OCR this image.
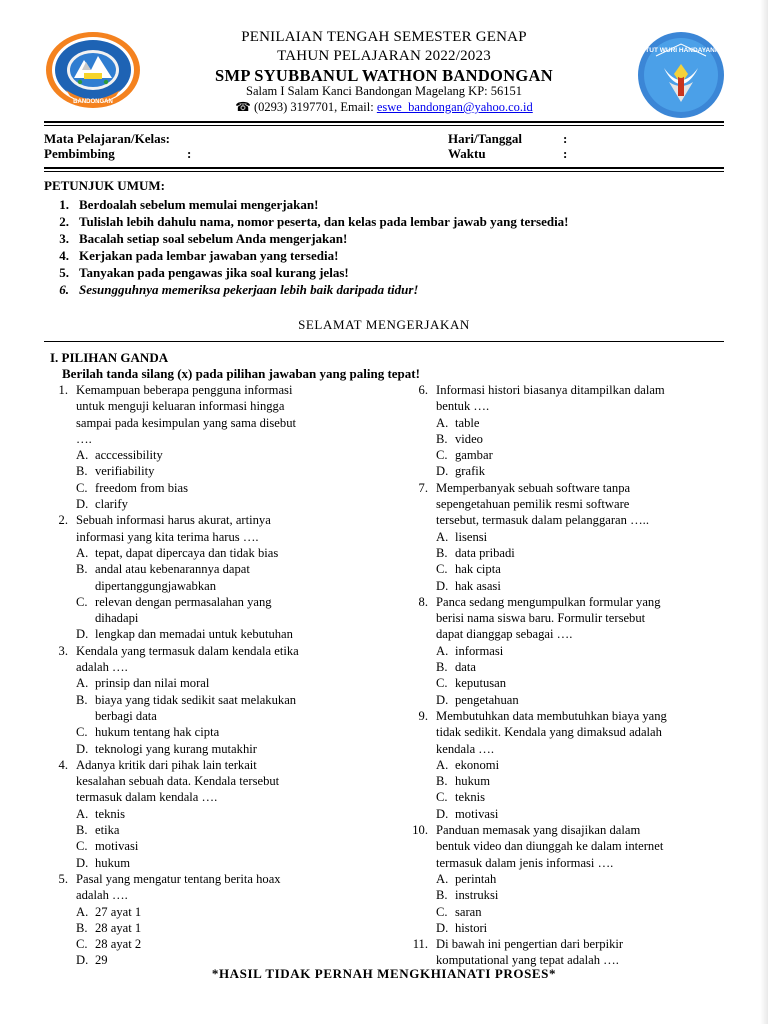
BANDONGAN
TUT WURI HANDAYANI
PENILAIAN TENGAH SEMESTER GENAP
TAHUN PELAJARAN 2022/2023
SMP SYUBBANUL WATHON BANDONGAN
Salam I Salam Kanci Bandongan Magelang KP: 56151
☎ (0293) 3197701, Email: eswe_bandongan@yahoo.co.id
Mata Pelajaran/Kelas:
Pembimbing	:
Hari/Tanggal	:
Waktu	:
PETUNJUK UMUM:
1. Berdoalah sebelum memulai mengerjakan!
2. Tulislah lebih dahulu nama, nomor peserta, dan kelas pada lembar jawab yang tersedia!
3. Bacalah setiap soal sebelum Anda mengerjakan!
4. Kerjakan pada lembar jawaban yang tersedia!
5. Tanyakan pada pengawas jika soal kurang jelas!
6. Sesungguhnya memeriksa pekerjaan lebih baik daripada tidur!
SELAMAT MENGERJAKAN
I. PILIHAN GANDA
Berilah tanda silang (x) pada pilihan jawaban yang paling tepat!
1. Kemampuan beberapa pengguna informasi
untuk menguji keluaran informasi hingga
sampai pada kesimpulan yang sama disebut
….
A. acccessibility
B. verifiability
C. freedom from bias
D. clarify
2. Sebuah informasi harus akurat, artinya
informasi yang kita terima harus ….
A. tepat, dapat dipercaya dan tidak bias
B. andal atau kebenarannya dapat
dipertanggungjawabkan
C. relevan dengan permasalahan yang
dihadapi
D. lengkap dan memadai untuk kebutuhan
3. Kendala yang termasuk dalam kendala etika
adalah ….
A. prinsip dan nilai moral
B. biaya yang tidak sedikit saat melakukan
berbagi data
C. hukum tentang hak cipta
D. teknologi yang kurang mutakhir
4. Adanya kritik dari pihak lain terkait
kesalahan sebuah data. Kendala tersebut
termasuk dalam kendala ….
A. teknis
B. etika
C. motivasi
D. hukum
5. Pasal yang mengatur tentang berita hoax
adalah ….
A. 27 ayat 1
B. 28 ayat 1
C. 28 ayat 2
D. 29
6. Informasi histori biasanya ditampilkan dalam
bentuk ….
A. table
B. video
C. gambar
D. grafik
7. Memperbanyak sebuah software tanpa
sepengetahuan pemilik resmi software
tersebut, termasuk dalam pelanggaran …..
A. lisensi
B. data pribadi
C. hak cipta
D. hak asasi
8. Panca sedang mengumpulkan formular yang
berisi nama siswa baru. Formulir tersebut
dapat dianggap sebagai ….
A. informasi
B. data
C. keputusan
D. pengetahuan
9. Membutuhkan data membutuhkan biaya yang
tidak sedikit. Kendala yang dimaksud adalah
kendala ….
A. ekonomi
B. hukum
C. teknis
D. motivasi
10. Panduan memasak yang disajikan dalam
bentuk video dan diunggah ke dalam internet
termasuk dalam jenis informasi ….
A. perintah
B. instruksi
C. saran
D. histori
11. Di bawah ini pengertian dari berpikir
komputational yang tepat adalah ….
*HASIL TIDAK PERNAH MENGKHIANATI PROSES*
